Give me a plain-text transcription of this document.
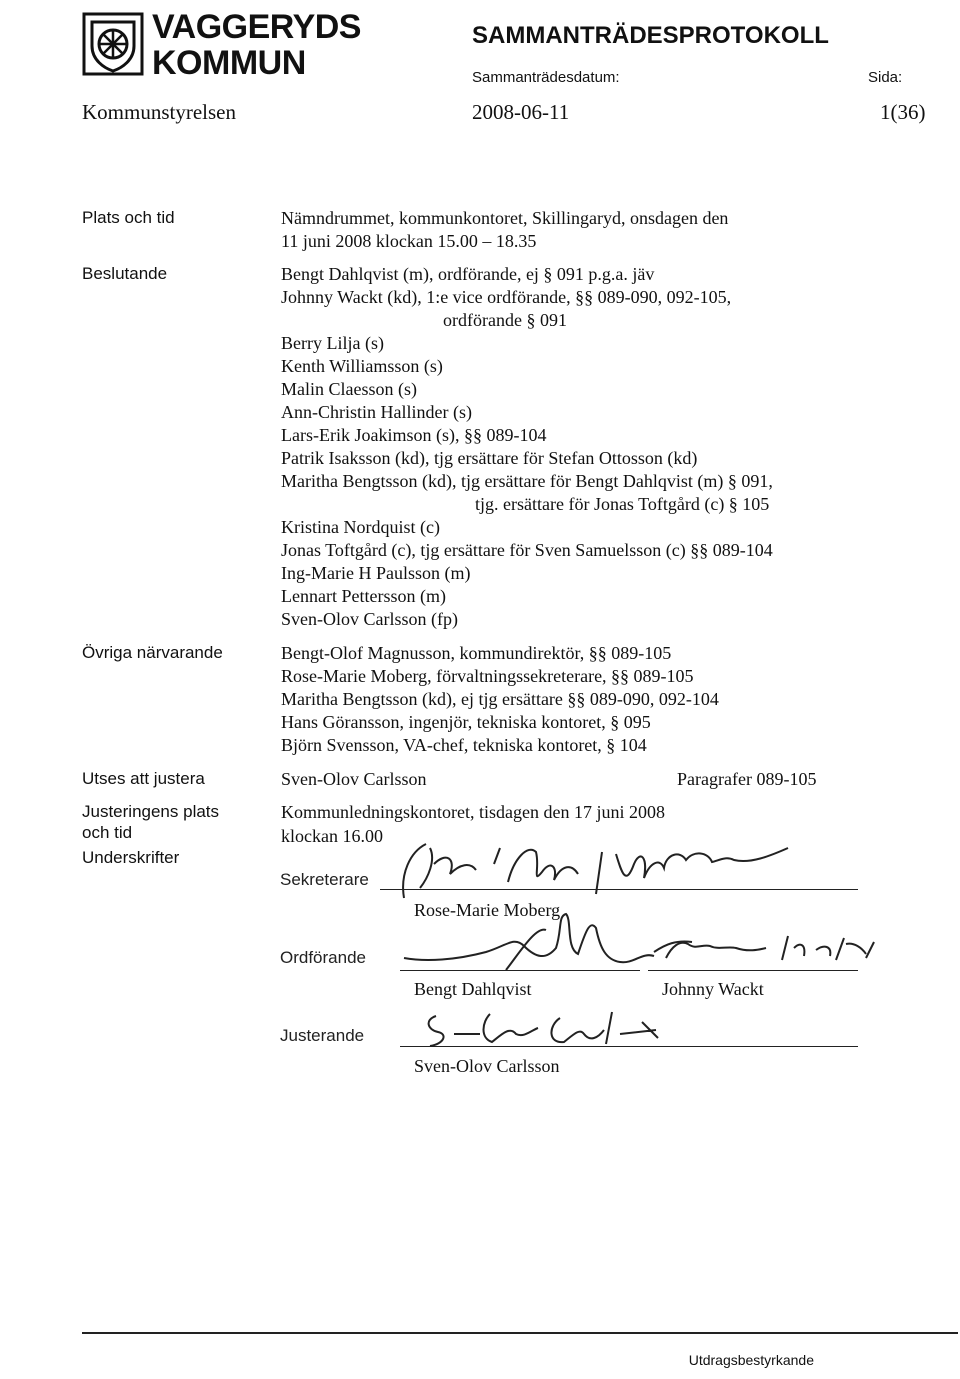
VAGGERYDS
KOMMUN
SAMMANTRÄDESPROTOKOLL
Sammanträdesdatum:	Sida:
Kommunstyrelsen	2008-06-11	1(36)
Plats och tid	Nämndrummet, kommunkontoret, Skillingaryd, onsdagen den
11 juni 2008 klockan 15.00 – 18.35
Beslutande	Bengt Dahlqvist (m), ordförande, ej § 091 p.g.a. jäv
Johnny Wackt (kd), 1:e vice ordförande, §§ 089-090, 092-105,
ordförande § 091
Berry Lilja (s)
Kenth Williamsson (s)
Malin Claesson (s)
Ann-Christin Hallinder (s)
Lars-Erik Joakimson (s), §§ 089-104
Patrik Isaksson (kd), tjg ersättare för Stefan Ottosson (kd)
Maritha Bengtsson (kd), tjg ersättare för Bengt Dahlqvist (m) § 091,
tjg. ersättare för Jonas Toftgård (c) § 105
Kristina Nordquist (c)
Jonas Toftgård (c), tjg ersättare för Sven Samuelsson (c) §§ 089-104
Ing-Marie H Paulsson (m)
Lennart Pettersson (m)
Sven-Olov Carlsson (fp)
Övriga närvarande	Bengt-Olof Magnusson, kommundirektör, §§ 089-105
Rose-Marie Moberg, förvaltningssekreterare, §§ 089-105
Maritha Bengtsson (kd), ej tjg ersättare §§ 089-090, 092-104
Hans Göransson, ingenjör, tekniska kontoret, § 095
Björn Svensson, VA-chef, tekniska kontoret, § 104
Utses att justera	Sven-Olov Carlsson	Paragrafer 089-105
Justeringens plats
och tid
Kommunledningskontoret, tisdagen den 17 juni 2008
klockan 16.00
Underskrifter
Sekreterare
Rose-Marie Moberg
Ordförande
Bengt Dahlqvist	Johnny Wackt
Justerande
Sven-Olov Carlsson
Utdragsbestyrkande
